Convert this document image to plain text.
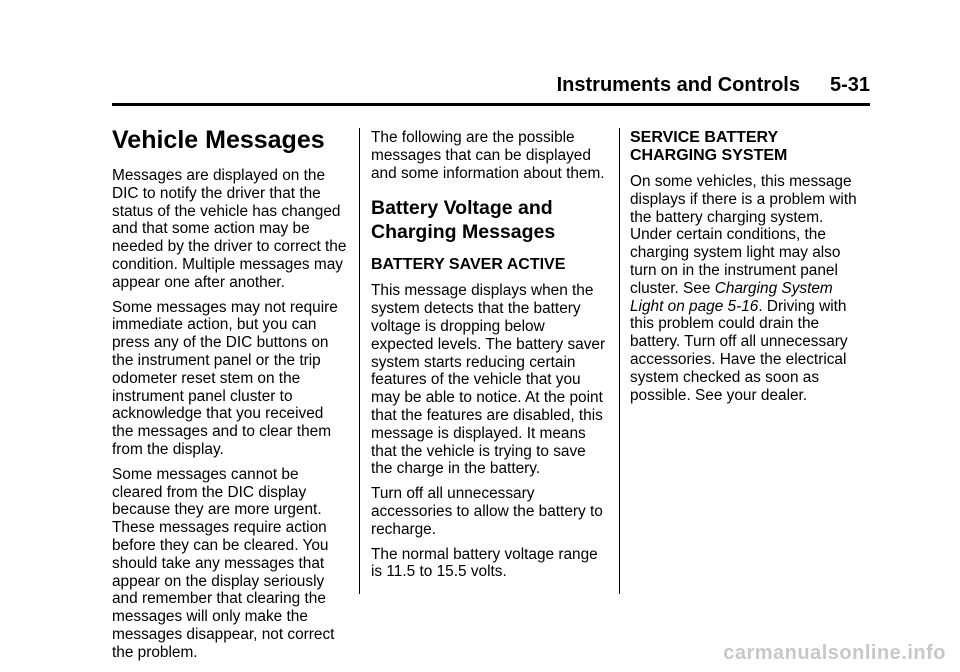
Instruments and Controls 5-31
Vehicle Messages

Messages are displayed on the DIC to notify the driver that the status of the vehicle has changed and that some action may be needed by the driver to correct the condition. Multiple messages may appear one after another.

Some messages may not require immediate action, but you can press any of the DIC buttons on the instrument panel or the trip odometer reset stem on the instrument panel cluster to acknowledge that you received the messages and to clear them from the display.

Some messages cannot be cleared from the DIC display because they are more urgent. These messages require action before they can be cleared. You should take any messages that appear on the display seriously and remember that clearing the messages will only make the messages disappear, not correct the problem.

The following are the possible messages that can be displayed and some information about them.

Battery Voltage and Charging Messages
BATTERY SAVER ACTIVE

This message displays when the system detects that the battery voltage is dropping below expected levels. The battery saver system starts reducing certain features of the vehicle that you may be able to notice. At the point that the features are disabled, this message is displayed. It means that the vehicle is trying to save the charge in the battery.

Turn off all unnecessary accessories to allow the battery to recharge.

The normal battery voltage range is 11.5 to 15.5 volts.

SERVICE BATTERY CHARGING SYSTEM

On some vehicles, this message displays if there is a problem with the battery charging system. Under certain conditions, the charging system light may also turn on in the instrument panel cluster. See Charging System Light on page 5-16. Driving with this problem could drain the battery. Turn off all unnecessary accessories. Have the electrical system checked as soon as possible. See your dealer.

carmanualsonline.info
